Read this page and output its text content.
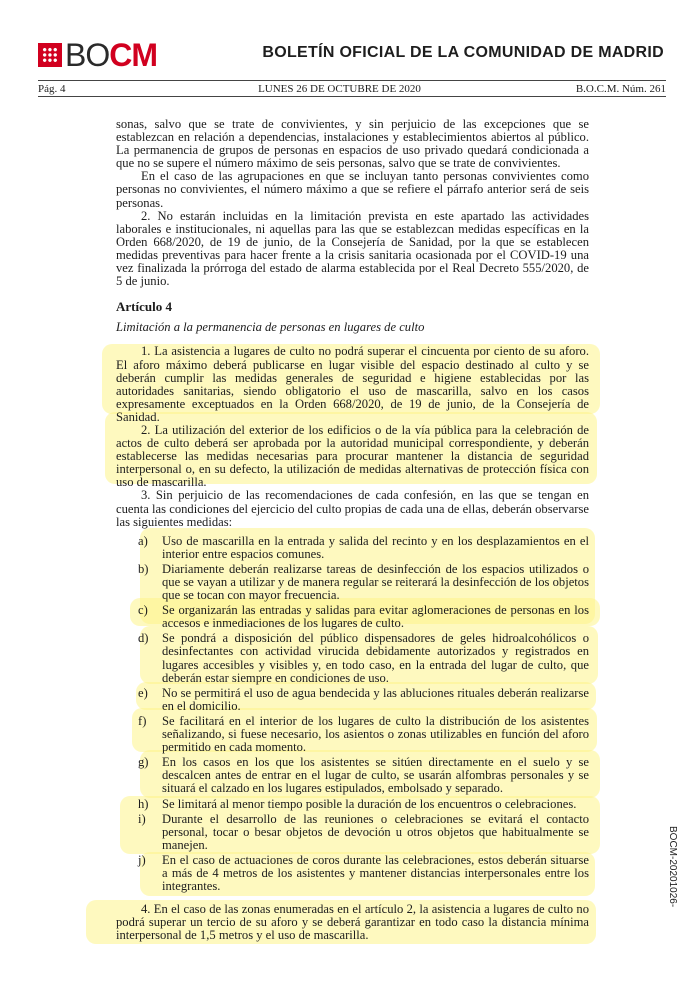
BOCM	BOLETÍN OFICIAL DE LA COMUNIDAD DE MADRID
Pág. 4	LUNES 26 DE OCTUBRE DE 2020	B.O.C.M. Núm. 261

sonas, salvo que se trate de convivientes, y sin perjuicio de las excepciones que se establezcan en relación a dependencias, instalaciones y establecimientos abiertos al público. La permanencia de grupos de personas en espacios de uso privado quedará condicionada a que no se supere el número máximo de seis personas, salvo que se trate de convivientes.

En el caso de las agrupaciones en que se incluyan tanto personas convivientes como personas no convivientes, el número máximo a que se refiere el párrafo anterior será de seis personas.

2. No estarán incluidas en la limitación prevista en este apartado las actividades laborales e institucionales, ni aquellas para las que se establezcan medidas específicas en la Orden 668/2020, de 19 de junio, de la Consejería de Sanidad, por la que se establecen medidas preventivas para hacer frente a la crisis sanitaria ocasionada por el COVID-19 una vez finalizada la prórroga del estado de alarma establecida por el Real Decreto 555/2020, de 5 de junio.

Artículo 4

Limitación a la permanencia de personas en lugares de culto

1. La asistencia a lugares de culto no podrá superar el cincuenta por ciento de su aforo. El aforo máximo deberá publicarse en lugar visible del espacio destinado al culto y se deberán cumplir las medidas generales de seguridad e higiene establecidas por las autoridades sanitarias, siendo obligatorio el uso de mascarilla, salvo en los casos expresamente exceptuados en la Orden 668/2020, de 19 de junio, de la Consejería de Sanidad.

2. La utilización del exterior de los edificios o de la vía pública para la celebración de actos de culto deberá ser aprobada por la autoridad municipal correspondiente, y deberán establecerse las medidas necesarias para procurar mantener la distancia de seguridad interpersonal o, en su defecto, la utilización de medidas alternativas de protección física con uso de mascarilla.

3. Sin perjuicio de las recomendaciones de cada confesión, en las que se tengan en cuenta las condiciones del ejercicio del culto propias de cada una de ellas, deberán observarse las siguientes medidas:

a)	Uso de mascarilla en la entrada y salida del recinto y en los desplazamientos en el interior entre espacios comunes.
b)	Diariamente deberán realizarse tareas de desinfección de los espacios utilizados o que se vayan a utilizar y de manera regular se reiterará la desinfección de los objetos que se tocan con mayor frecuencia.
c)	Se organizarán las entradas y salidas para evitar aglomeraciones de personas en los accesos e inmediaciones de los lugares de culto.
d)	Se pondrá a disposición del público dispensadores de geles hidroalcohólicos o desinfectantes con actividad virucida debidamente autorizados y registrados en lugares accesibles y visibles y, en todo caso, en la entrada del lugar de culto, que deberán estar siempre en condiciones de uso.
e)	No se permitirá el uso de agua bendecida y las abluciones rituales deberán realizarse en el domicilio.
f)	Se facilitará en el interior de los lugares de culto la distribución de los asistentes señalizando, si fuese necesario, los asientos o zonas utilizables en función del aforo permitido en cada momento.
g)	En los casos en los que los asistentes se sitúen directamente en el suelo y se descalcen antes de entrar en el lugar de culto, se usarán alfombras personales y se situará el calzado en los lugares estipulados, embolsado y separado.
h)	Se limitará al menor tiempo posible la duración de los encuentros o celebraciones.
i)	Durante el desarrollo de las reuniones o celebraciones se evitará el contacto personal, tocar o besar objetos de devoción u otros objetos que habitualmente se manejen.
j)	En el caso de actuaciones de coros durante las celebraciones, estos deberán situarse a más de 4 metros de los asistentes y mantener distancias interpersonales entre los integrantes.

4. En el caso de las zonas enumeradas en el artículo 2, la asistencia a lugares de culto no podrá superar un tercio de su aforo y se deberá garantizar en todo caso la distancia mínima interpersonal de 1,5 metros y el uso de mascarilla.

BOCM-20201026-
